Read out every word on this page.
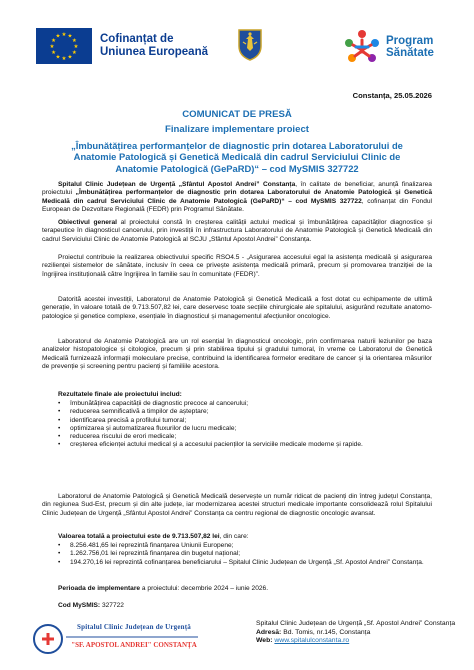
★ ★
★
★
★
★
★
★
★
★
★
★	Cofinanțat de
Uniunea Europeană
Program Sănătate
Constanța, 25.05.2026
COMUNICAT DE PRESĂ
Finalizare implementare proiect
„Îmbunătățirea performanțelor de diagnostic prin dotarea Laboratorului de Anatomie Patologică și Genetică Medicală din cadrul Serviciului Clinic de Anatomie Patologică (GePaRD)“ – cod MySMIS 327722
Spitalul Clinic Județean de Urgență „Sfântul Apostol Andrei” Constanța, în calitate de beneficiar, anunță finalizarea proiectului „Îmbunătățirea performanțelor de diagnostic prin dotarea Laboratorului de Anatomie Patologică și Genetică Medicală din cadrul Serviciului Clinic de Anatomie Patologică (GePaRD)“ – cod MySMIS 327722, cofinanțat din Fondul European de Dezvoltare Regională (FEDR) prin Programul Sănătate.
Obiectivul general al proiectului constă în creșterea calității actului medical și îmbunătățirea capacităților diagnostice și terapeutice în diagnosticul cancerului, prin investiții în infrastructura Laboratorului de Anatomie Patologică și Genetică Medicală din cadrul Serviciului Clinic de Anatomie Patologică al SCJU „Sfântul Apostol Andrei” Constanța.
Proiectul contribuie la realizarea obiectivului specific RSO4.5 - „Asigurarea accesului egal la asistența medicală și asigurarea rezilienței sistemelor de sănătate, inclusiv în ceea ce privește asistența medicală primară, precum și promovarea tranziției de la îngrijirea instituțională către îngrijirea în familie sau în comunitate (FEDR)”.
Datorită acestei investiții, Laboratorul de Anatomie Patologică și Genetică Medicală a fost dotat cu echipamente de ultimă generație, în valoare totală de 9.713.507,82 lei, care deservesc toate secțiile chirurgicale ale spitalului, asigurând rezultate anatomo-patologice și genetice complexe, esențiale în diagnosticul și managementul afecțiunilor oncologice.
Laboratorul de Anatomie Patologică are un rol esențial în diagnosticul oncologic, prin confirmarea naturii leziunilor pe baza analizelor histopatologice și citologice, precum și prin stabilirea tipului și gradului tumoral, în vreme ce Laboratorul de Genetică Medicală furnizează informații moleculare precise, contribuind la identificarea formelor ereditare de cancer și la orientarea măsurilor de prevenție și screening pentru pacienți și familiile acestora.
Rezultatele finale ale proiectului includ:
• îmbunătățirea capacității de diagnostic precoce al cancerului;
• reducerea semnificativă a timpilor de așteptare;
• identificarea precisă a profilului tumoral;
• optimizarea și automatizarea fluxurilor de lucru medicale;
• reducerea riscului de erori medicale;
• creșterea eficienței actului medical și a accesului pacienților la serviciile medicale moderne și rapide.
Laboratorul de Anatomie Patologică și Genetică Medicală deservește un număr ridicat de pacienți din întreg județul Constanța, din regiunea Sud-Est, precum și din alte județe, iar modernizarea acestei structuri medicale importante consolidează rolul Spitalului Clinic Județean de Urgență „Sfântul Apostol Andrei” Constanța ca centru regional de diagnostic oncologic avansat.
Valoarea totală a proiectului este de 9.713.507,82 lei, din care:
• 8.256.481,65 lei reprezintă finanțarea Uniunii Europene;
• 1.262.756,01 lei reprezintă finanțarea din bugetul național;
• 194.270,16 lei reprezintă cofinanțarea beneficiarului – Spitalul Clinic Județean de Urgență „Sf. Apostol Andrei” Constanța.
Perioada de implementare a proiectului: decembrie 2024 – iunie 2026.
Cod MySMIS: 327722
Spitalul Clinic Județean de Urgență
"SF. APOSTOL ANDREI" CONSTANȚA
Spitalul Clinic Județean de Urgență „Sf. Apostol Andrei” Constanța
Adresă: Bd. Tomis, nr.145, Constanța
Web: www.spitalulconstanta.ro
